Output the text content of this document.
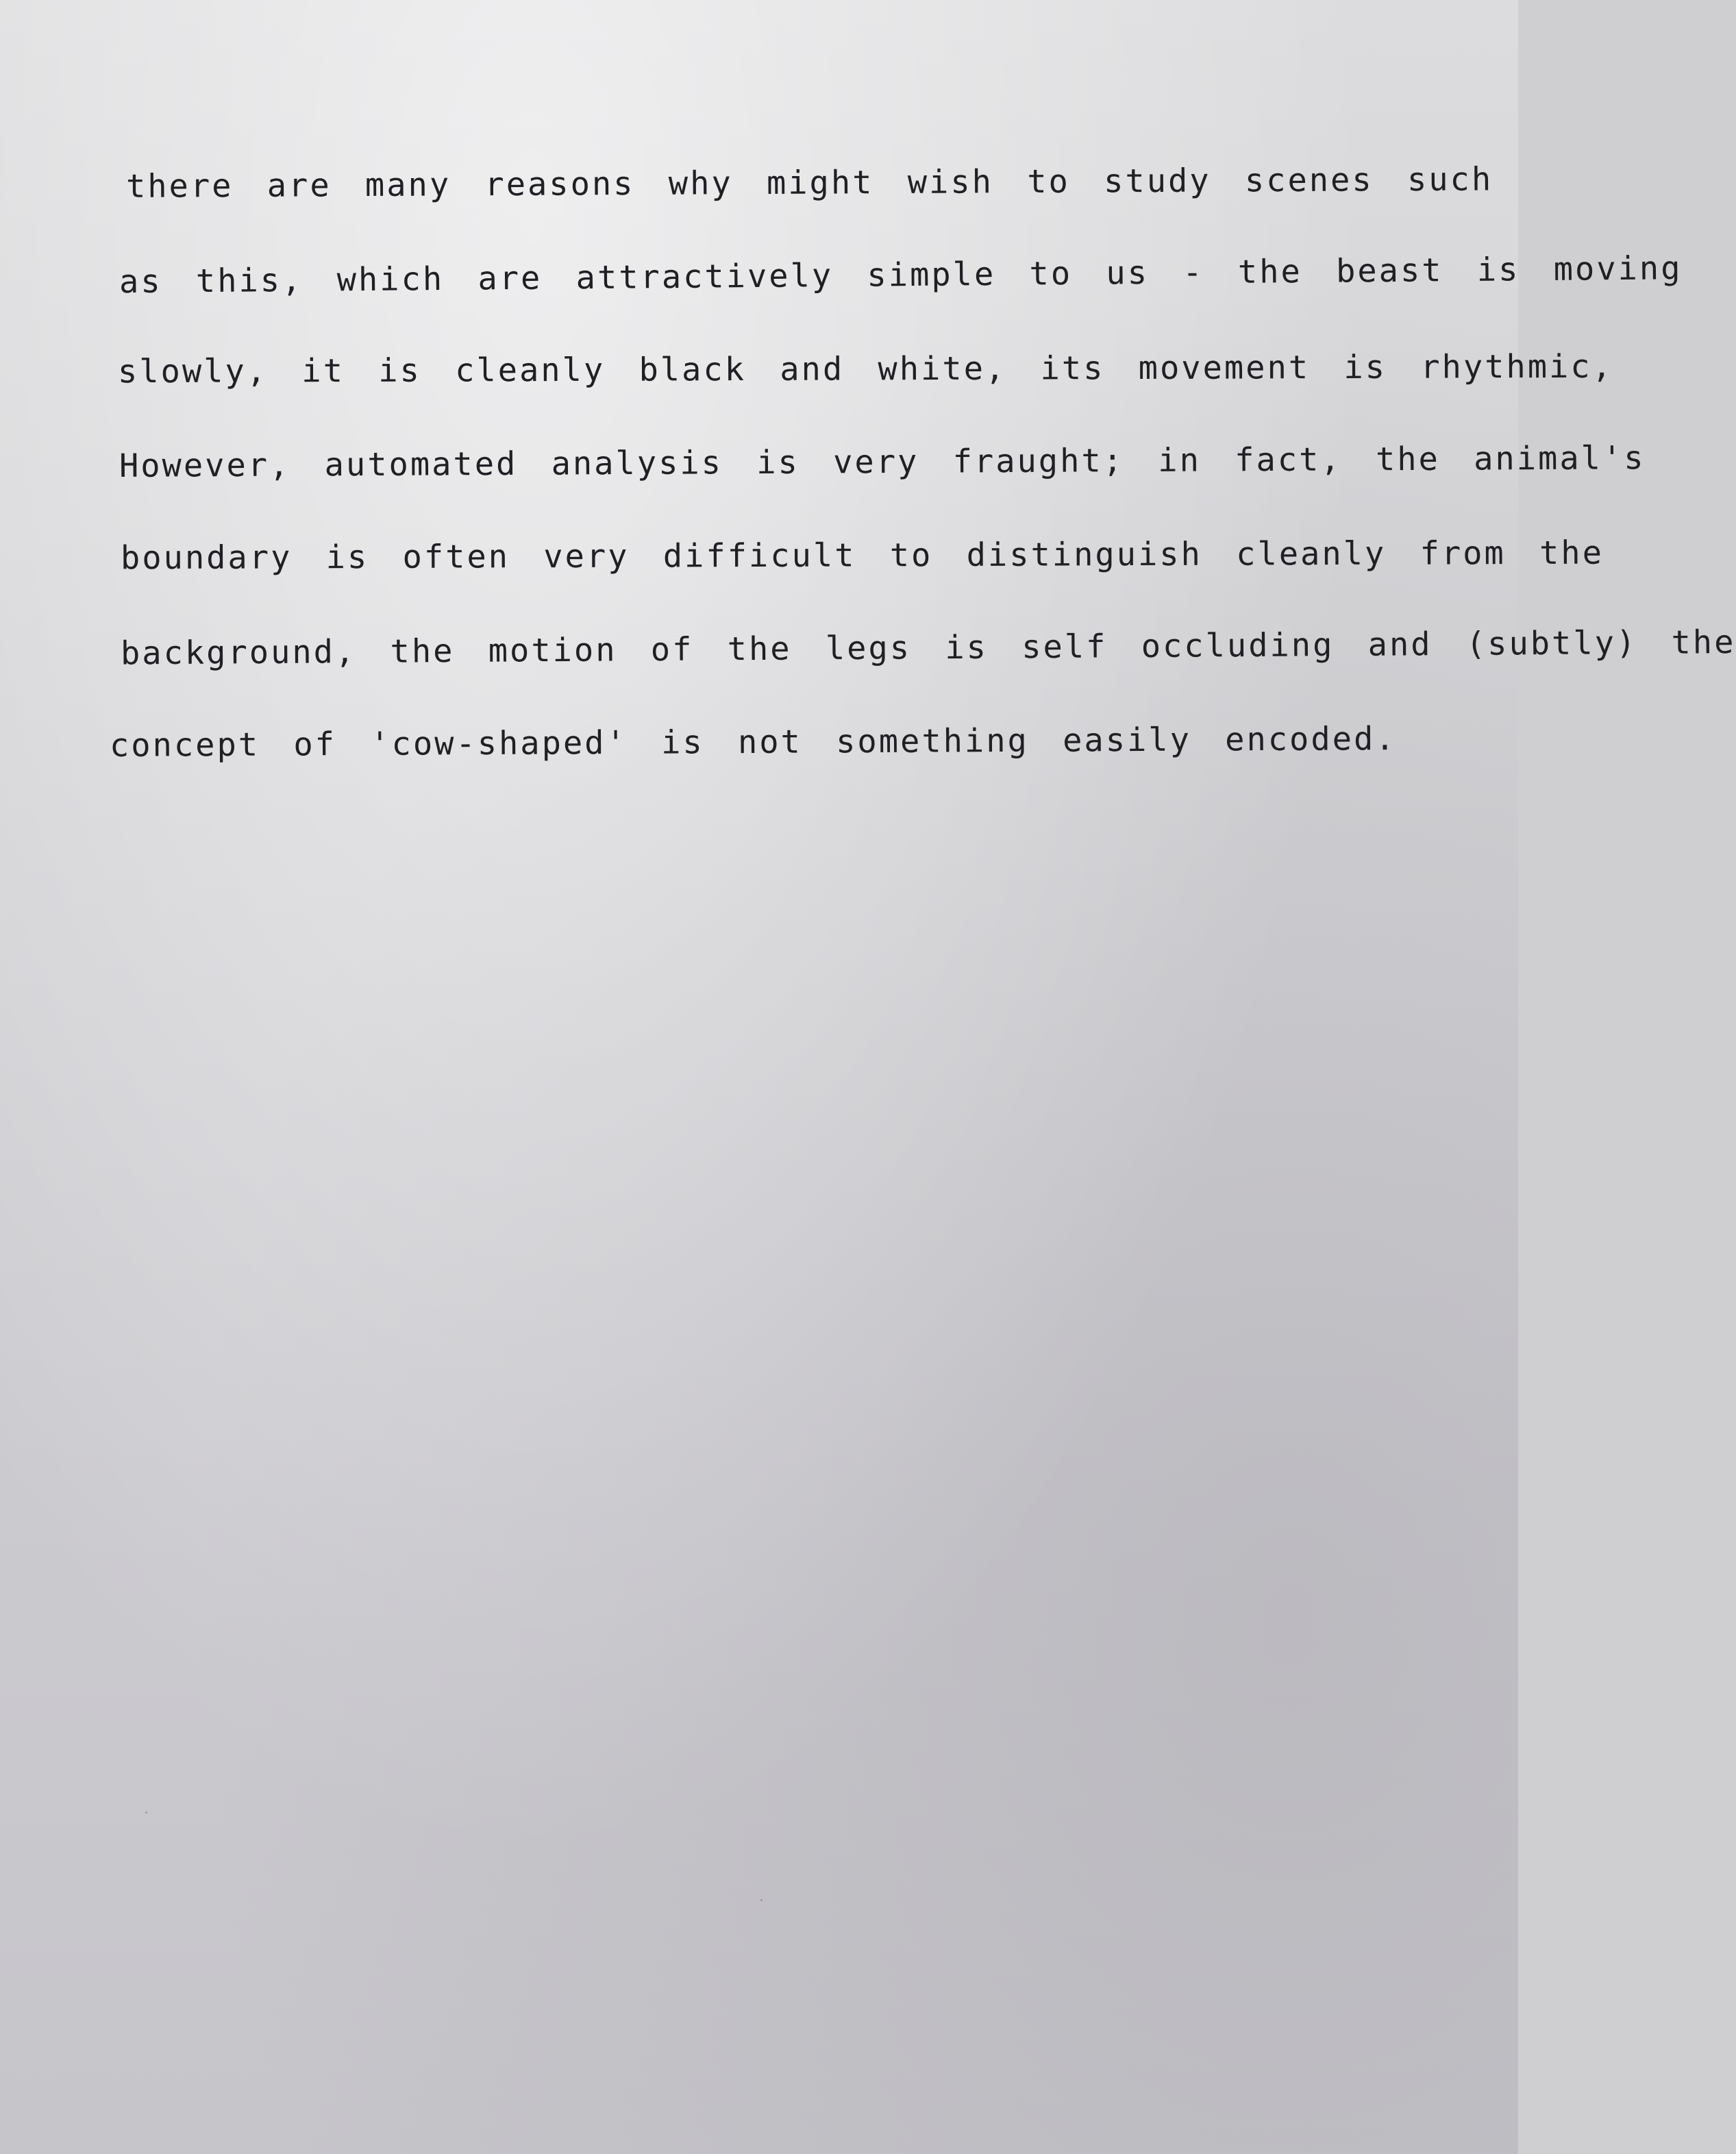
there are many reasons why might wish to study scenes such
as this, which are attractively simple to us - the beast is moving
slowly, it is cleanly black and white, its movement is rhythmic,
However, automated analysis is very fraught; in fact, the animal's
boundary is often very difficult to distinguish cleanly from the
background, the motion of the legs is self occluding and (subtly) the
concept of 'cow-shaped' is not something easily encoded.
